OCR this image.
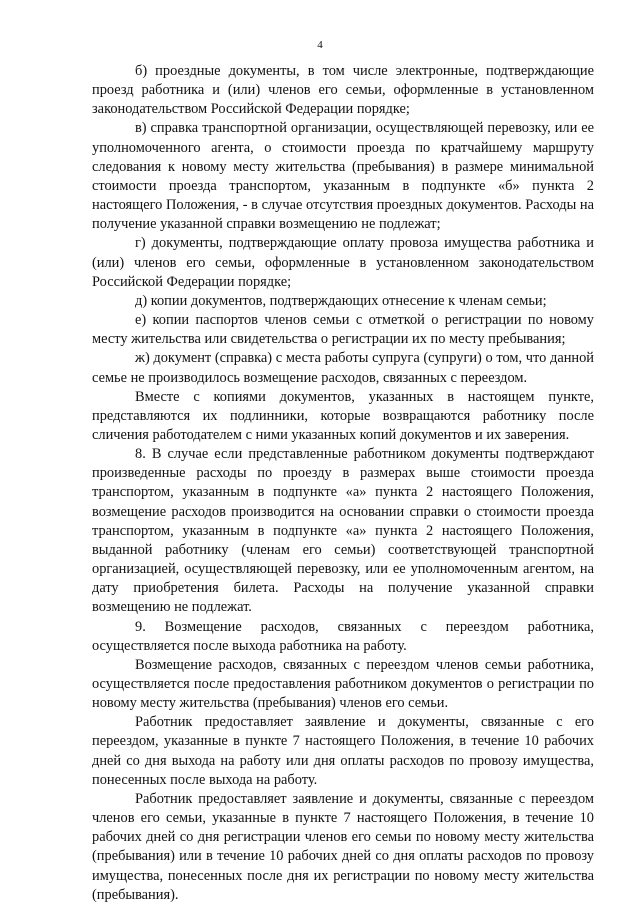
4

б) проездные документы, в том числе электронные, подтверждающие проезд работника и (или) членов его семьи, оформленные в установленном законодательством Российской Федерации порядке;

в) справка транспортной организации, осуществляющей перевозку, или ее уполномоченного агента, о стоимости проезда по кратчайшему маршруту следования к новому месту жительства (пребывания) в размере минимальной стоимости проезда транспортом, указанным в подпункте «б» пункта 2 настоящего Положения, - в случае отсутствия проездных документов. Расходы на получение указанной справки возмещению не подлежат;

г) документы, подтверждающие оплату провоза имущества работника и (или) членов его семьи, оформленные в установленном законодательством Российской Федерации порядке;

д) копии документов, подтверждающих отнесение к членам семьи;

е) копии паспортов членов семьи с отметкой о регистрации по новому месту жительства или свидетельства о регистрации их по месту пребывания;

ж) документ (справка) с места работы супруга (супруги) о том, что данной семье не производилось возмещение расходов, связанных с переездом.

Вместе с копиями документов, указанных в настоящем пункте, представляются их подлинники, которые возвращаются работнику после сличения работодателем с ними указанных копий документов и их заверения.

8. В случае если представленные работником документы подтверждают произведенные расходы по проезду в размерах выше стоимости проезда транспортом, указанным в подпункте «а» пункта 2 настоящего Положения, возмещение расходов производится на основании справки о стоимости проезда транспортом, указанным в подпункте «а» пункта 2 настоящего Положения, выданной работнику (членам его семьи) соответствующей транспортной организацией, осуществляющей перевозку, или ее уполномоченным агентом, на дату приобретения билета. Расходы на получение указанной справки возмещению не подлежат.

9. Возмещение расходов, связанных с переездом работника, осуществляется после выхода работника на работу.

Возмещение расходов, связанных с переездом членов семьи работника, осуществляется после предоставления работником документов о регистрации по новому месту жительства (пребывания) членов его семьи.

Работник предоставляет заявление и документы, связанные с его переездом, указанные в пункте 7 настоящего Положения, в течение 10 рабочих дней со дня выхода на работу или дня оплаты расходов по провозу имущества, понесенных после выхода на работу.

Работник предоставляет заявление и документы, связанные с переездом членов его семьи, указанные в пункте 7 настоящего Положения, в течение 10 рабочих дней со дня регистрации членов его семьи по новому месту жительства (пребывания) или в течение 10 рабочих дней со дня оплаты расходов по провозу имущества, понесенных после дня их регистрации по новому месту жительства (пребывания).
